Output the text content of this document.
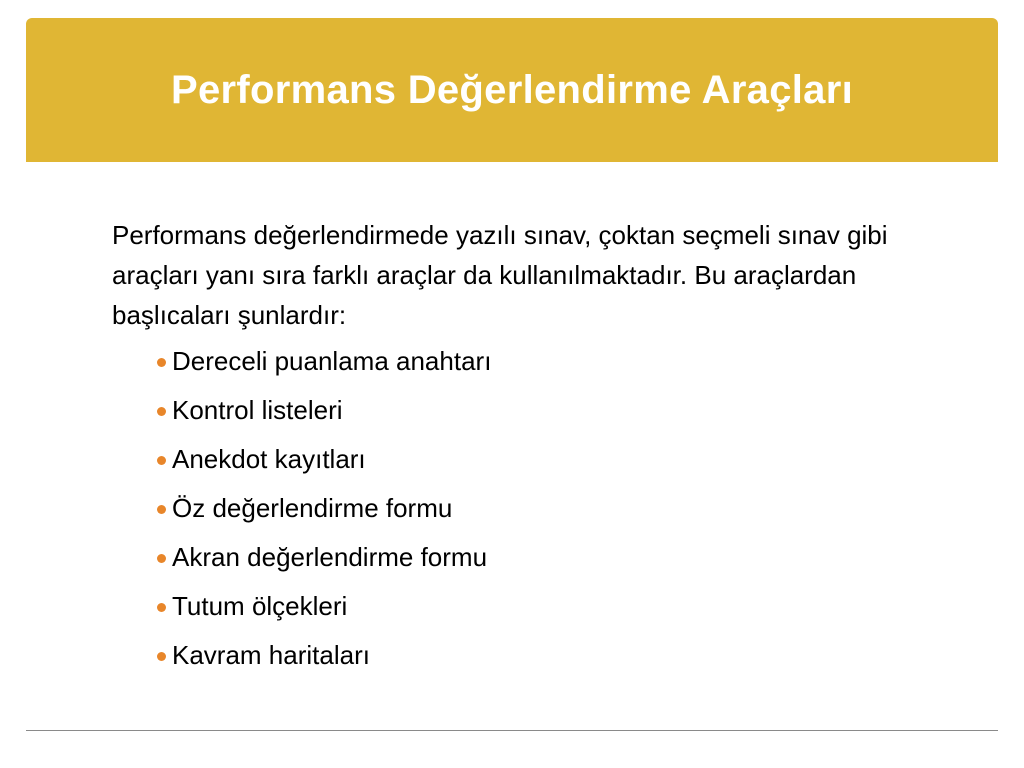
Performans Değerlendirme Araçları

Performans değerlendirmede yazılı sınav, çoktan seçmeli sınav gibi araçları yanı sıra farklı araçlar da kullanılmaktadır. Bu araçlardan başlıcaları şunlardır:

Dereceli puanlama anahtarı
Kontrol listeleri
Anekdot kayıtları
Öz değerlendirme formu
Akran değerlendirme formu
Tutum ölçekleri
Kavram haritaları
